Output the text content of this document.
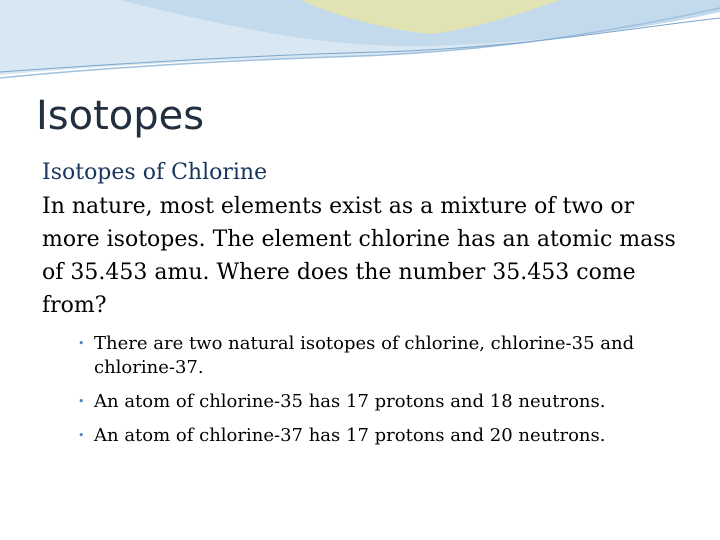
Isotopes
Isotopes of Chlorine

In nature, most elements exist as a mixture of two or more isotopes. The element chlorine has an atomic mass of 35.453 amu. Where does the number 35.453 come from?

• There are two natural isotopes of chlorine, chlorine-35 and chlorine-37.
• An atom of chlorine-35 has 17 protons and 18 neutrons.
• An atom of chlorine-37 has 17 protons and 20 neutrons.
